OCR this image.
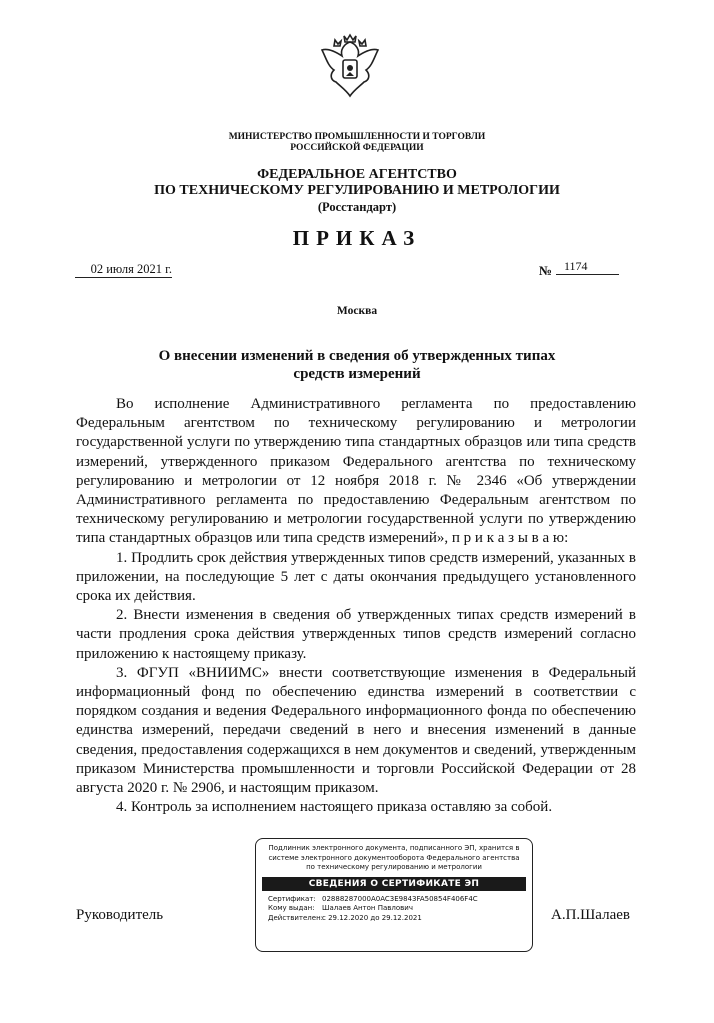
МИНИСТЕРСТВО ПРОМЫШЛЕННОСТИ И ТОРГОВЛИ
РОССИЙСКОЙ ФЕДЕРАЦИИ
ФЕДЕРАЛЬНОЕ АГЕНТСТВО
ПО ТЕХНИЧЕСКОМУ РЕГУЛИРОВАНИЮ И МЕТРОЛОГИИ
(Росстандарт)
ПРИКАЗ
02 июля 2021 г.	№ 1174
Москва
О внесении изменений в сведения об утвержденных типах
средств измерений

Во исполнение Административного регламента по предоставлению Федеральным агентством по техническому регулированию и метрологии государственной услуги по утверждению типа стандартных образцов или типа средств измерений, утвержденного приказом Федерального агентства по техническому регулированию и метрологии от 12 ноября 2018 г. № 2346 «Об утверждении Административного регламента по предоставлению Федеральным агентством по техническому регулированию и метрологии государственной услуги по утверждению типа стандартных образцов или типа средств измерений», п р и к а з ы в а ю:

1. Продлить срок действия утвержденных типов средств измерений, указанных в приложении, на последующие 5 лет с даты окончания предыдущего установленного срока их действия.

2. Внести изменения в сведения об утвержденных типах средств измерений в части продления срока действия утвержденных типов средств измерений согласно приложению к настоящему приказу.

3. ФГУП «ВНИИМС» внести соответствующие изменения в Федеральный информационный фонд по обеспечению единства измерений в соответствии с порядком создания и ведения Федерального информационного фонда по обеспечению единства измерений, передачи сведений в него и внесения изменений в данные сведения, предоставления содержащихся в нем документов и сведений, утвержденным приказом Министерства промышленности и торговли Российской Федерации от 28 августа 2020 г. № 2906, и настоящим приказом.

4. Контроль за исполнением настоящего приказа оставляю за собой.

Руководитель	А.П.Шалаев
Подлинник электронного документа, подписанного ЭП, хранится в системе электронного документооборота Федерального агентства по техническому регулированию и метрологии
СВЕДЕНИЯ О СЕРТИФИКАТЕ ЭП
Сертификат: 02888287000A0AC3E9843FA50854F406F4C
Кому выдан: Шалаев Антон Павлович
Действителен:с 29.12.2020 до 29.12.2021
